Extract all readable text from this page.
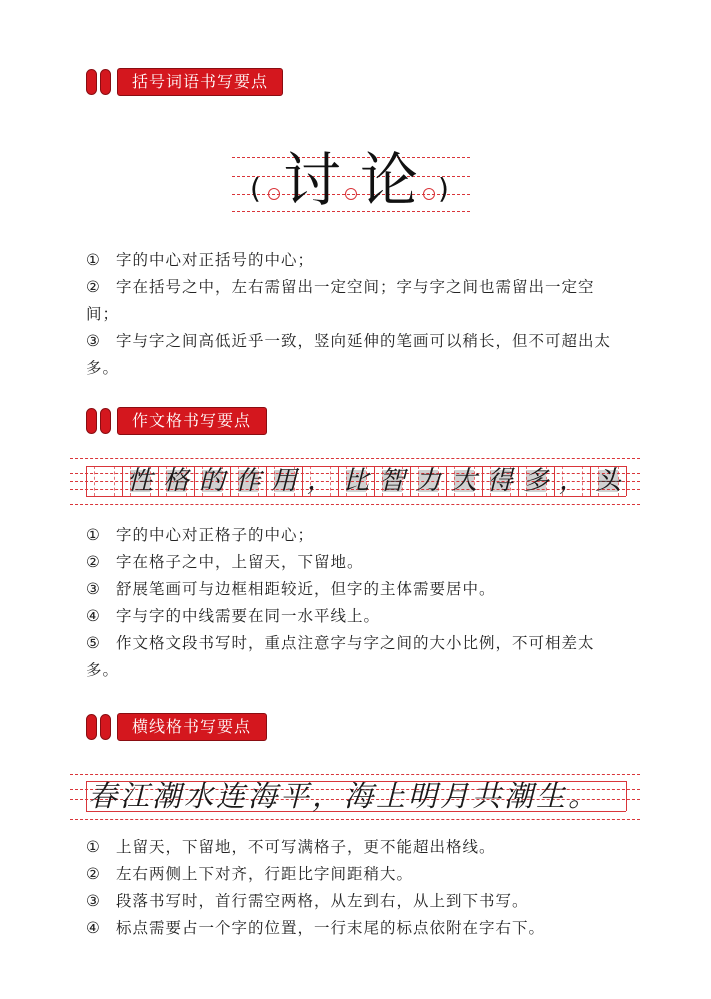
括号词语书写要点
(	)
讨 论

① 字的中心对正括号的中心；

② 字在括号之中，左右需留出一定空间；字与字之间也需留出一定空间；

③ 字与字之间高低近乎一致，竖向延伸的笔画可以稍长，但不可超出太多。

作文格书写要点
性 格 的 作 用 ， 比 智 力 大 得 多 ， 头

① 字的中心对正格子的中心；

② 字在格子之中，上留天，下留地。

③ 舒展笔画可与边框相距较近，但字的主体需要居中。

④ 字与字的中线需要在同一水平线上。

⑤ 作文格文段书写时，重点注意字与字之间的大小比例，不可相差太多。

横线格书写要点
春江潮水连海平，海上明月共潮生。

① 上留天，下留地，不可写满格子，更不能超出格线。

② 左右两侧上下对齐，行距比字间距稍大。

③ 段落书写时，首行需空两格，从左到右，从上到下书写。

④ 标点需要占一个字的位置，一行末尾的标点依附在字右下。
